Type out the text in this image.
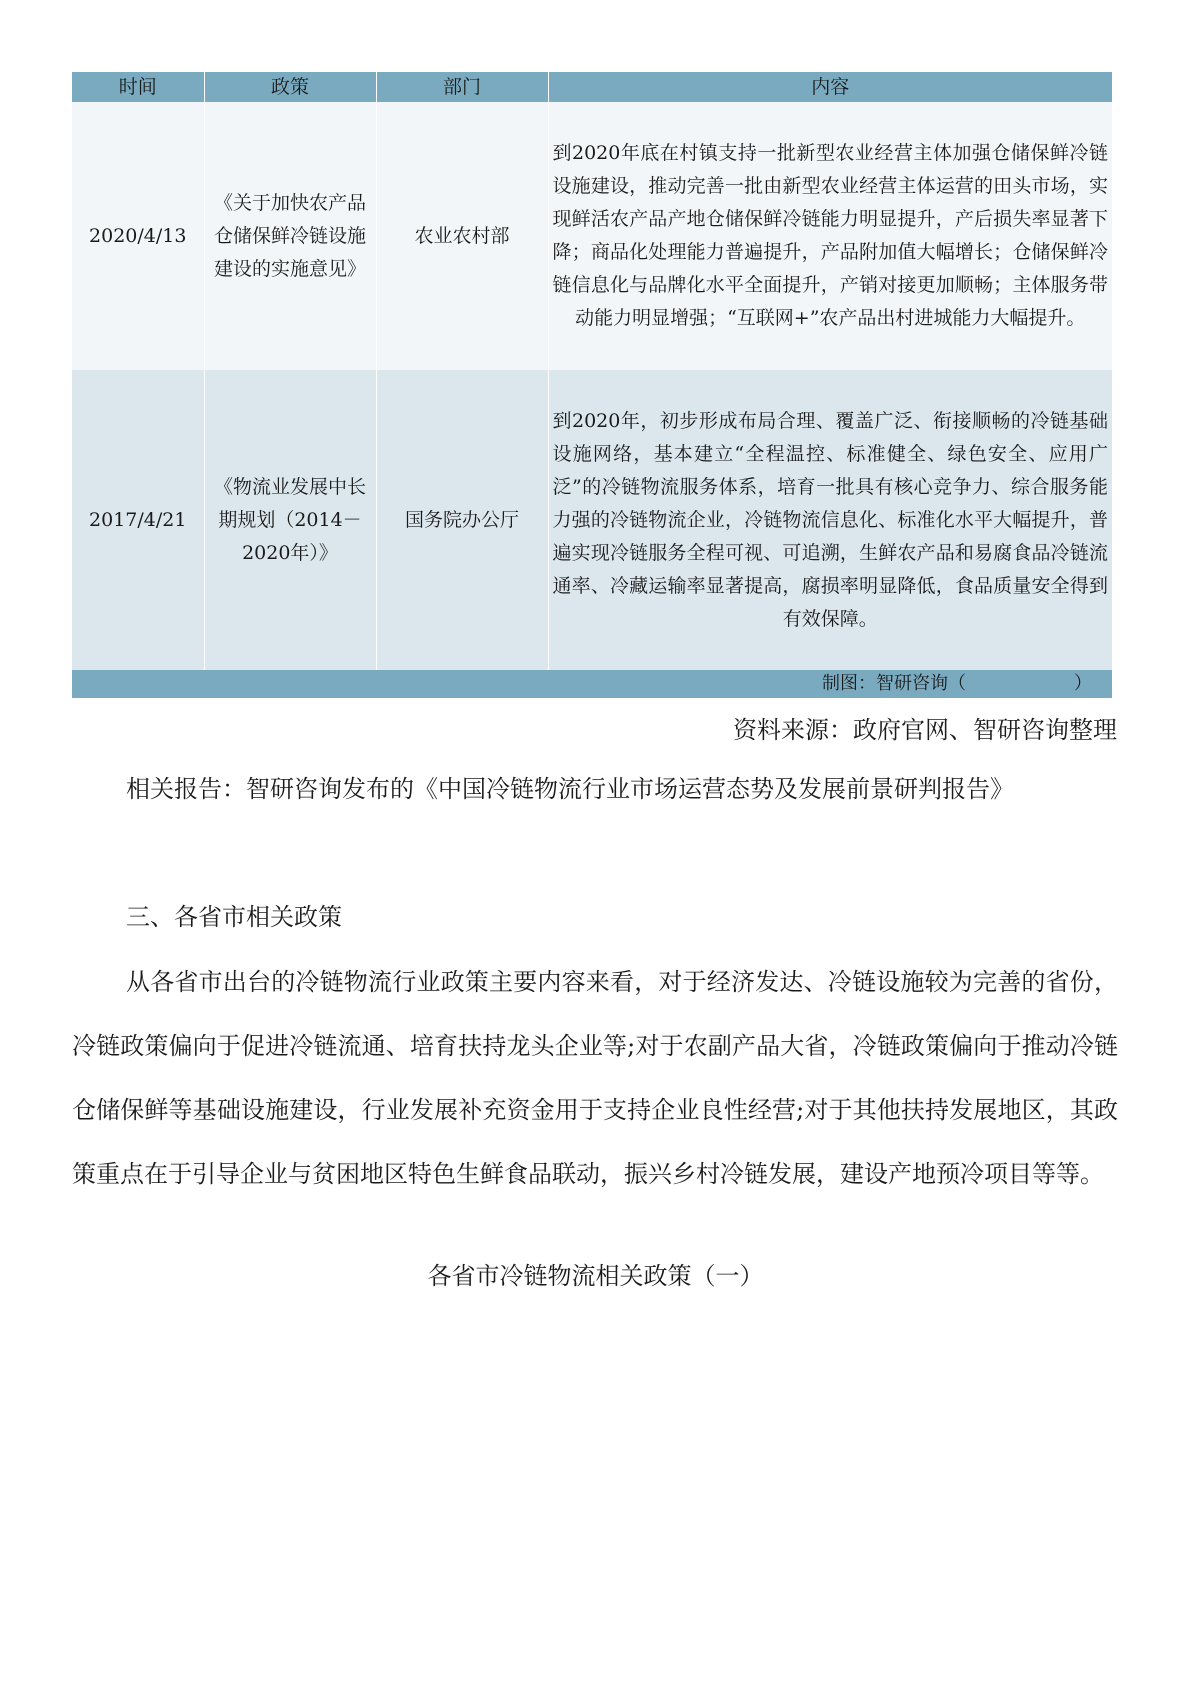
时间	政策	部门	内容
2020/4/13	《关于加快农产品仓储保鲜冷链设施建设的实施意见》	农业农村部	到2020年底在村镇支持一批新型农业经营主体加强仓储保鲜冷链设施建设，推动完善一批由新型农业经营主体运营的田头市场，实现鲜活农产品产地仓储保鲜冷链能力明显提升，产后损失率显著下降；商品化处理能力普遍提升，产品附加值大幅增长；仓储保鲜冷链信息化与品牌化水平全面提升，产销对接更加顺畅；主体服务带动能力明显增强；“互联网+”农产品出村进城能力大幅提升。
2017/4/21	《物流业发展中长期规划（2014－2020年）》	国务院办公厅	到2020年，初步形成布局合理、覆盖广泛、衔接顺畅的冷链基础设施网络，基本建立“全程温控、标准健全、绿色安全、应用广泛”的冷链物流服务体系，培育一批具有核心竞争力、综合服务能力强的冷链物流企业，冷链物流信息化、标准化水平大幅提升，普遍实现冷链服务全程可视、可追溯，生鲜农产品和易腐食品冷链流通率、冷藏运输率显著提高，腐损率明显降低，食品质量安全得到有效保障。
制图：智研咨询（　　　　　　）			
资料来源：政府官网、智研咨询整理

相关报告：智研咨询发布的《中国冷链物流行业市场运营态势及发展前景研判报告》

三、各省市相关政策

从各省市出台的冷链物流行业政策主要内容来看，对于经济发达、冷链设施较为完善的省份，冷链政策偏向于促进冷链流通、培育扶持龙头企业等;对于农副产品大省，冷链政策偏向于推动冷链仓储保鲜等基础设施建设，行业发展补充资金用于支持企业良性经营;对于其他扶持发展地区，其政策重点在于引导企业与贫困地区特色生鲜食品联动，振兴乡村冷链发展，建设产地预冷项目等等。

各省市冷链物流相关政策（一）
